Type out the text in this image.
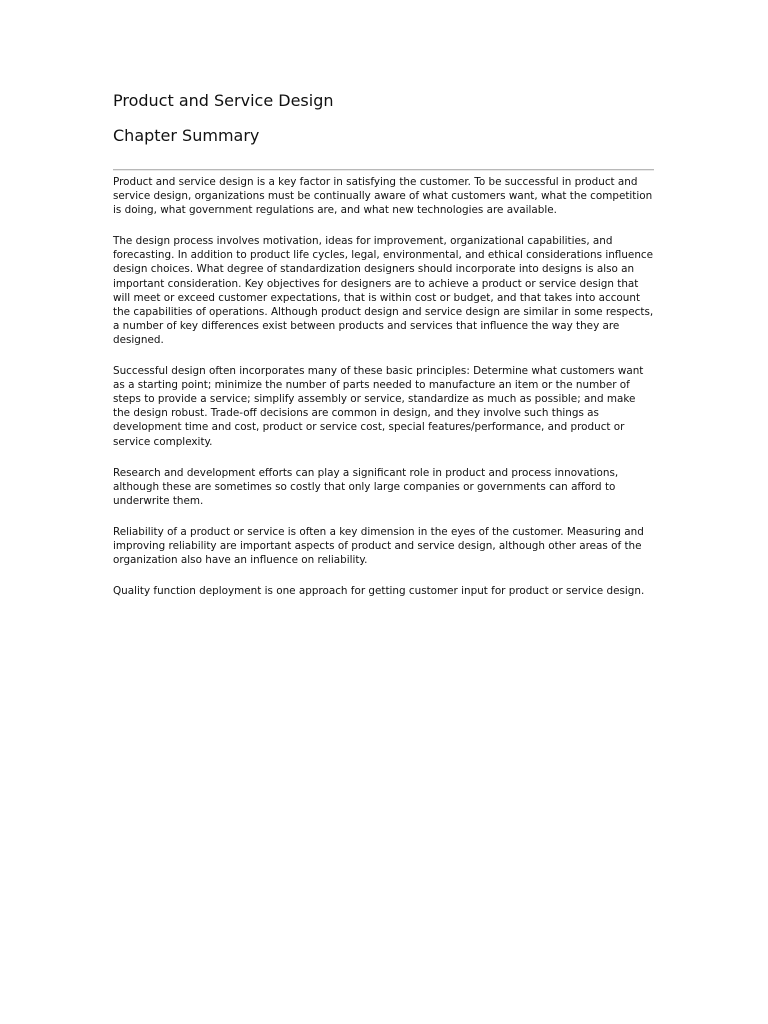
Product and Service Design
Chapter Summary

Product and service design is a key factor in satisfying the customer. To be successful in product and service design, organizations must be continually aware of what customers want, what the competition is doing, what government regulations are, and what new technologies are available.

The design process involves motivation, ideas for improvement, organizational capabilities, and forecasting. In addition to product life cycles, legal, environmental, and ethical considerations influence design choices. What degree of standardization designers should incorporate into designs is also an important consideration. Key objectives for designers are to achieve a product or service design that will meet or exceed customer expectations, that is within cost or budget, and that takes into account the capabilities of operations. Although product design and service design are similar in some respects, a number of key differences exist between products and services that influence the way they are designed.

Successful design often incorporates many of these basic principles: Determine what customers want as a starting point; minimize the number of parts needed to manufacture an item or the number of steps to provide a service; simplify assembly or service, standardize as much as possible; and make the design robust. Trade-off decisions are common in design, and they involve such things as development time and cost, product or service cost, special features/performance, and product or service complexity.

Research and development efforts can play a significant role in product and process innovations, although these are sometimes so costly that only large companies or governments can afford to underwrite them.

Reliability of a product or service is often a key dimension in the eyes of the customer. Measuring and improving reliability are important aspects of product and service design, although other areas of the organization also have an influence on reliability.

Quality function deployment is one approach for getting customer input for product or service design.
